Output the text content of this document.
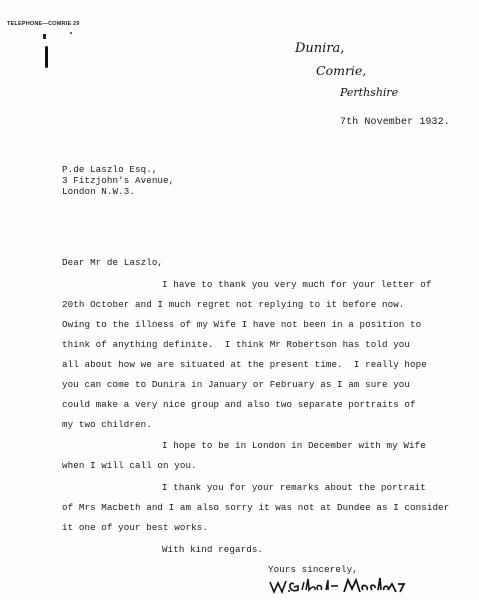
TELEPHONE—COMRIE 29
Dunira,
Comrie,
Perthshire
7th November 1932.
P.de Laszlo Esq.,
3 Fitzjohn's Avenue,
London N.W.3.
Dear Mr de Laszlo,
I have to thank you very much for your letter of
20th October and I much regret not replying to it before now.
Owing to the illness of my Wife I have not been in a position to
think of anything definite.  I think Mr Robertson has told you
all about how we are situated at the present time.  I really hope
you can come to Dunira in January or February as I am sure you
could make a very nice group and also two separate portraits of
my two children.
I hope to be in London in December with my Wife
when I will call on you.
I thank you for your remarks about the portrait
of Mrs Macbeth and I am also sorry it was not at Dundee as I consider
it one of your best works.
With kind regards.
Yours sincerely,
